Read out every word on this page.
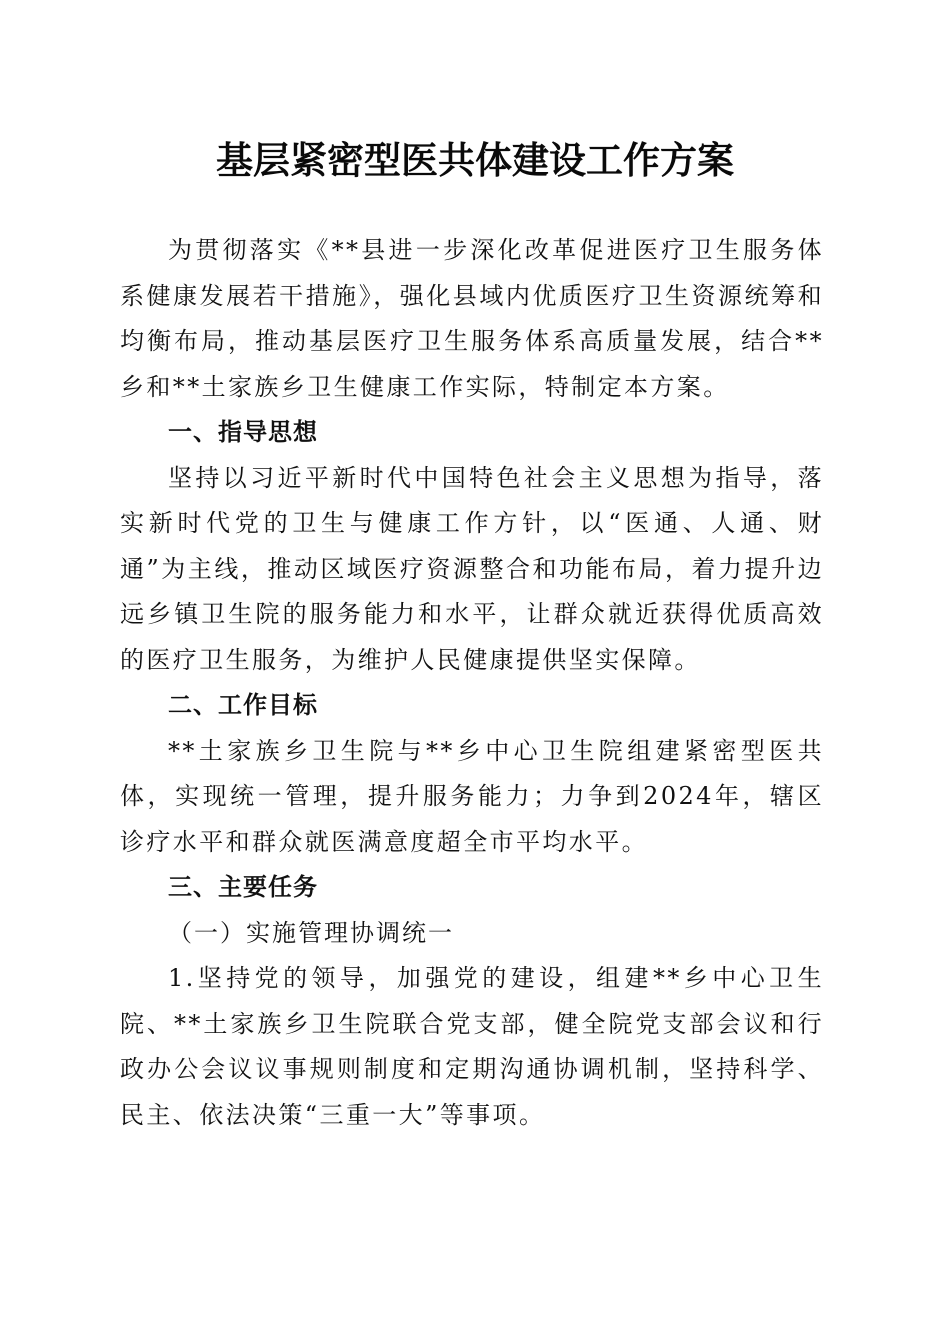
基层紧密型医共体建设工作方案

为贯彻落实《**县进一步深化改革促进医疗卫生服务体系健康发展若干措施》，强化县域内优质医疗卫生资源统筹和均衡布局，推动基层医疗卫生服务体系高质量发展，结合**乡和**土家族乡卫生健康工作实际，特制定本方案。

一、指导思想

坚持以习近平新时代中国特色社会主义思想为指导，落实新时代党的卫生与健康工作方针，以“医通、人通、财通”为主线，推动区域医疗资源整合和功能布局，着力提升边远乡镇卫生院的服务能力和水平，让群众就近获得优质高效的医疗卫生服务，为维护人民健康提供坚实保障。

二、工作目标

**土家族乡卫生院与**乡中心卫生院组建紧密型医共体，实现统一管理，提升服务能力；力争到2024年，辖区诊疗水平和群众就医满意度超全市平均水平。

三、主要任务

（一）实施管理协调统一

1.坚持党的领导，加强党的建设，组建**乡中心卫生院、**土家族乡卫生院联合党支部，健全院党支部会议和行政办公会议议事规则制度和定期沟通协调机制，坚持科学、民主、依法决策“三重一大”等事项。
